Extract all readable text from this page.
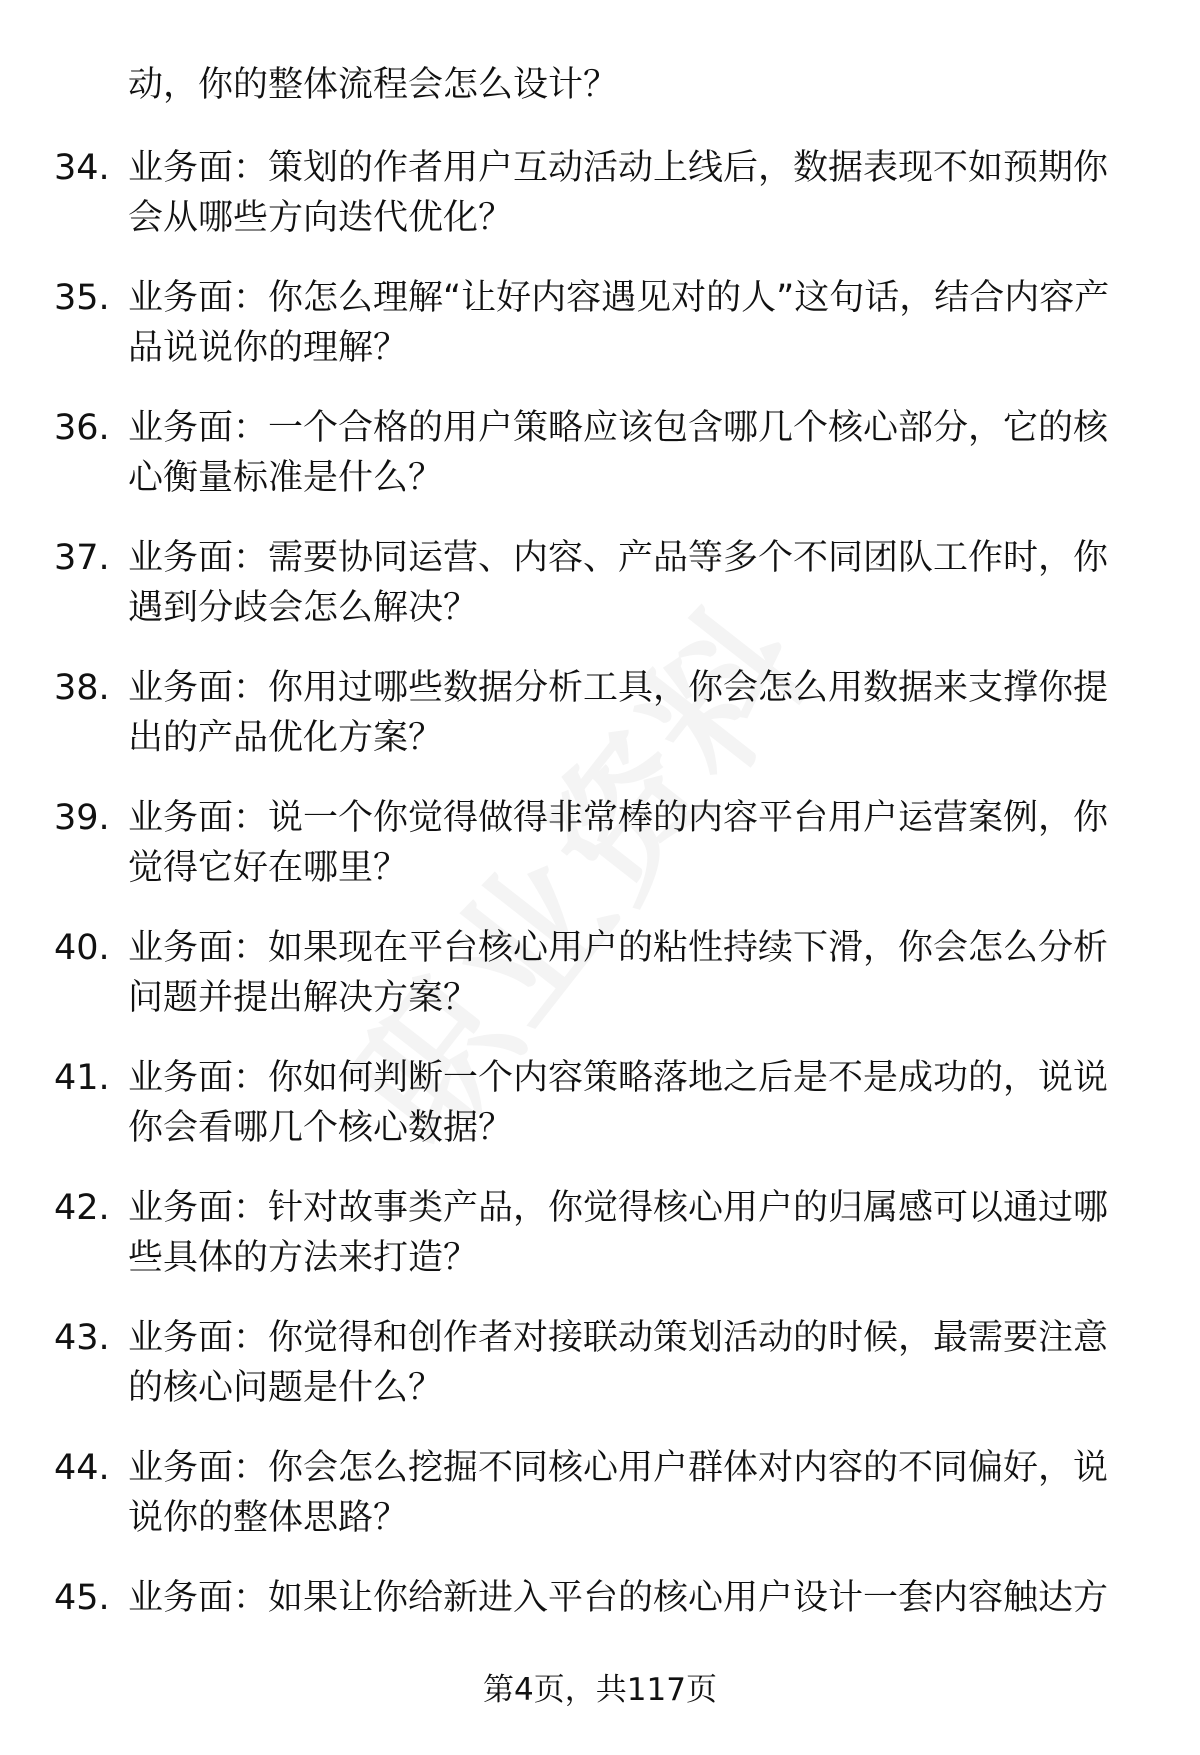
动，你的整体流程会怎么设计？
34. 业务面：策划的作者用户互动活动上线后，数据表现不如预期你会从哪些方向迭代优化？
35. 业务面：你怎么理解“让好内容遇见对的人”这句话，结合内容产品说说你的理解？
36. 业务面：一个合格的用户策略应该包含哪几个核心部分，它的核心衡量标准是什么？
37. 业务面：需要协同运营、内容、产品等多个不同团队工作时，你遇到分歧会怎么解决？
38. 业务面：你用过哪些数据分析工具，你会怎么用数据来支撑你提出的产品优化方案？
39. 业务面：说一个你觉得做得非常棒的内容平台用户运营案例，你觉得它好在哪里？
40. 业务面：如果现在平台核心用户的粘性持续下滑，你会怎么分析问题并提出解决方案？
41. 业务面：你如何判断一个内容策略落地之后是不是成功的，说说你会看哪几个核心数据？
42. 业务面：针对故事类产品，你觉得核心用户的归属感可以通过哪些具体的方法来打造？
43. 业务面：你觉得和创作者对接联动策划活动的时候，最需要注意的核心问题是什么？
44. 业务面：你会怎么挖掘不同核心用户群体对内容的不同偏好，说说你的整体思路？
45. 业务面：如果让你给新进入平台的核心用户设计一套内容触达方
第4页，共117页
